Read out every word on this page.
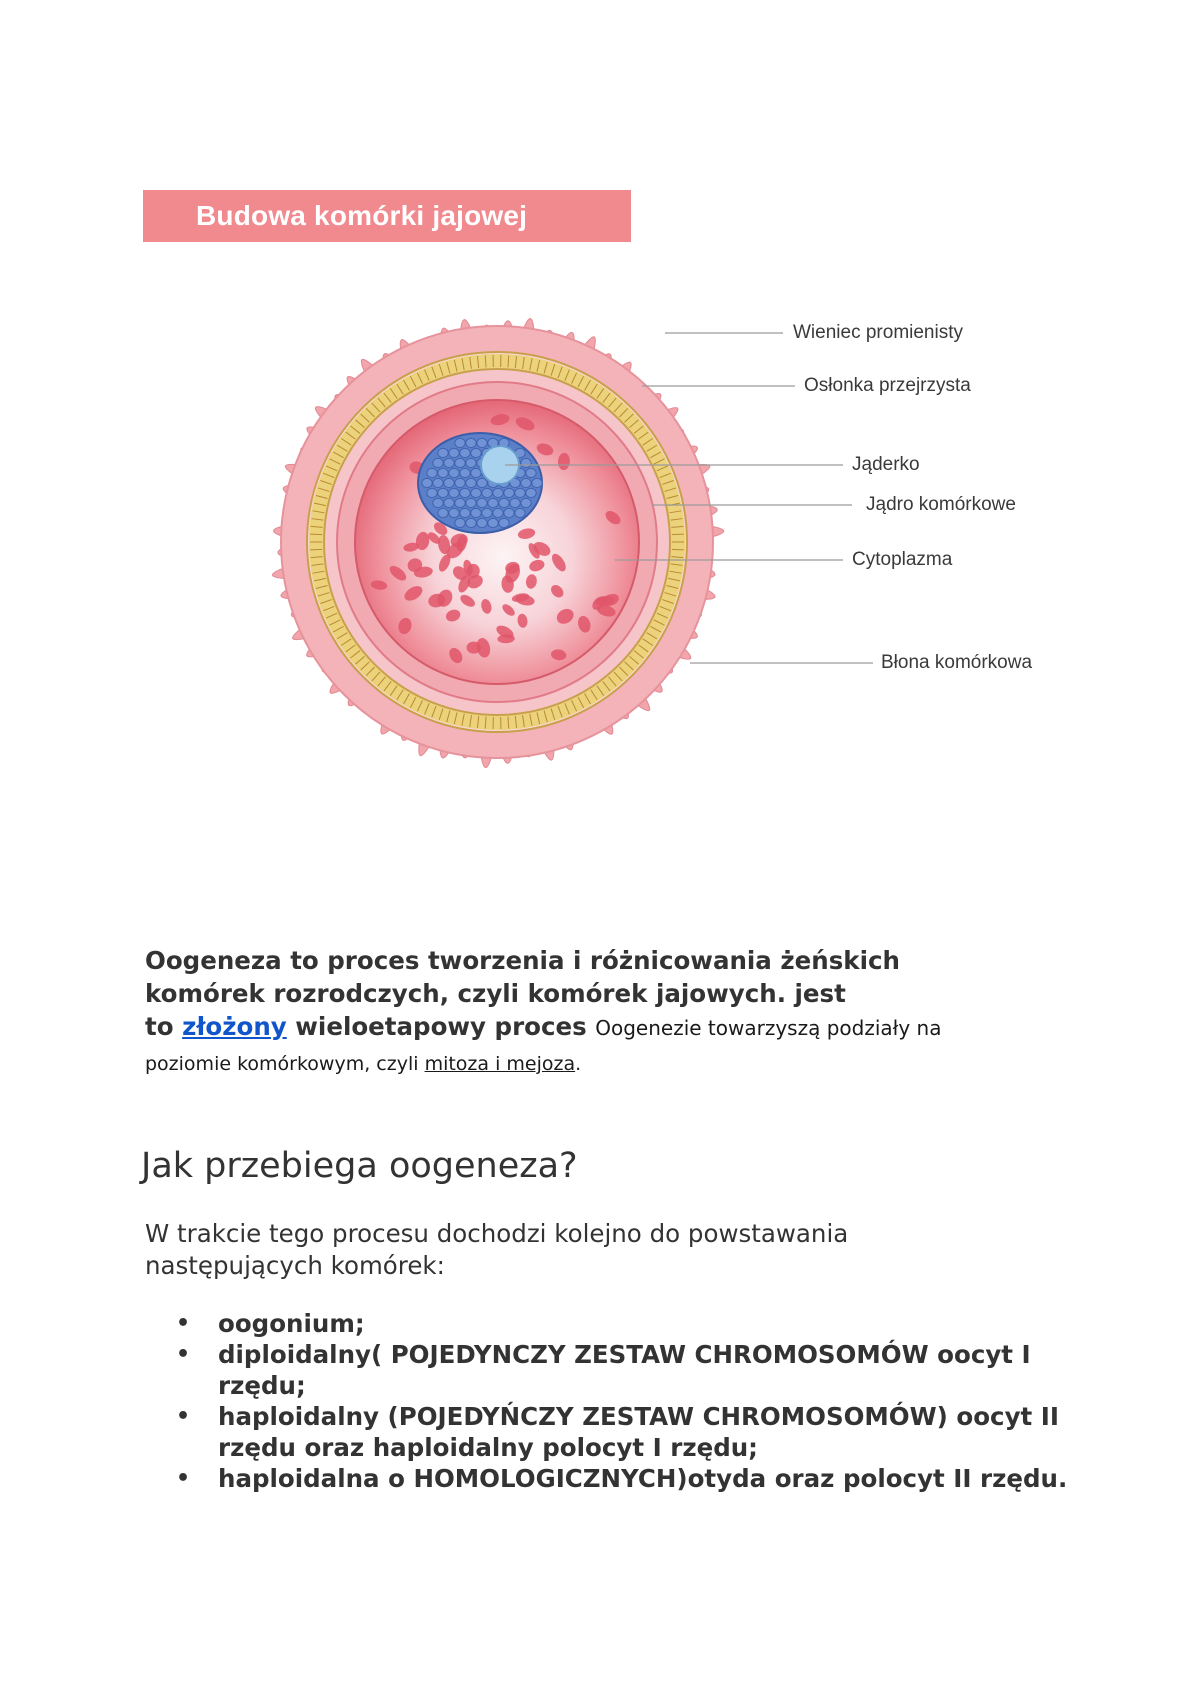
Budowa komórki jajowej
Wieniec promienisty
Osłonka przejrzysta
Jąderko
Jądro komórkowe
Cytoplazma
Błona komórkowa
Oogeneza to proces tworzenia i różnicowania żeńskich
komórek rozrodczych, czyli komórek jajowych. jest
to złożony wieloetapowy proces Oogenezie towarzyszą podziały na
poziomie komórkowym, czyli mitoza i mejoza.
Jak przebiega oogeneza?

W trakcie tego procesu dochodzi kolejno do powstawania następujących komórek:

• oogonium;
• diploidalny( POJEDYNCZY ZESTAW CHROMOSOMÓW oocyt I rzędu;
• haploidalny (POJEDYŃCZY ZESTAW CHROMOSOMÓW) oocyt II rzędu oraz haploidalny polocyt I rzędu;
• haploidalna o HOMOLOGICZNYCH)otyda oraz polocyt II rzędu.
